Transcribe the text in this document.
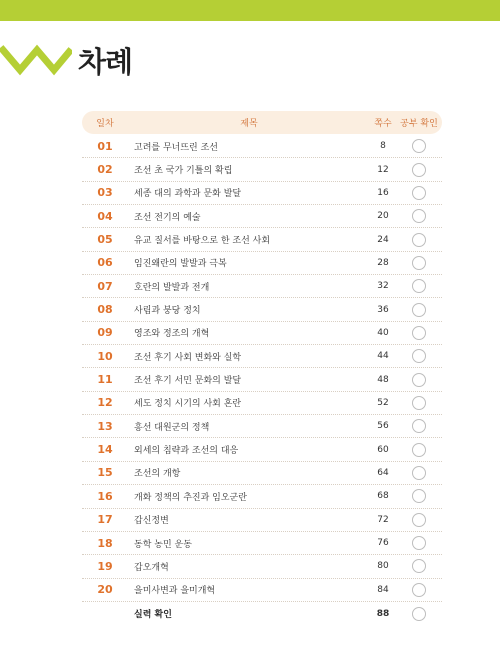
차례
일차	제목	쪽수 공부 확인
01	고려를 무너뜨린 조선	8
02	조선 초 국가 기틀의 확립	12
03	세종 대의 과학과 문화 발달	16
04	조선 전기의 예술	20
05	유교 질서를 바탕으로 한 조선 사회	24
06	임진왜란의 발발과 극복	28
07	호란의 발발과 전개	32
08	사림과 붕당 정치	36
09	영조와 정조의 개혁	40
10	조선 후기 사회 변화와 실학	44
11	조선 후기 서민 문화의 발달	48
12	세도 정치 시기의 사회 혼란	52
13	흥선 대원군의 정책	56
14	외세의 침략과 조선의 대응	60
15	조선의 개항	64
16	개화 정책의 추진과 임오군란	68
17	갑신정변	72
18	동학 농민 운동	76
19	갑오개혁	80
20	을미사변과 을미개혁	84
실력 확인	88
